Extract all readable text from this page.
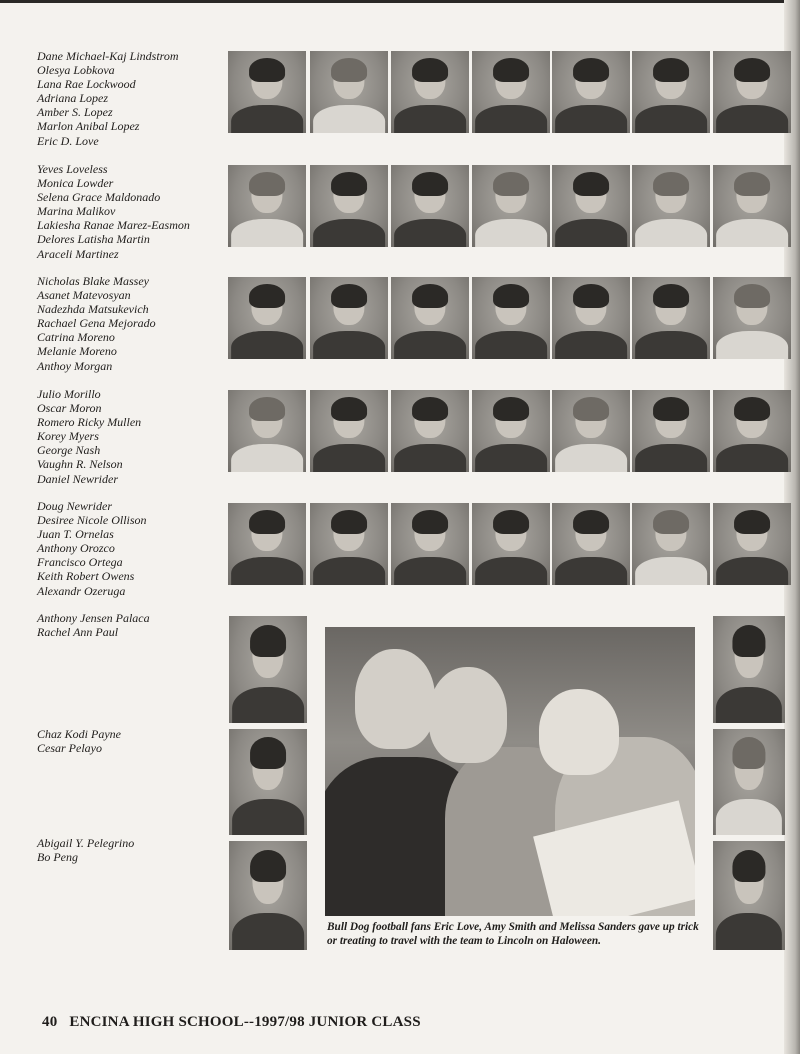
Dane Michael-Kaj Lindstrom
Olesya Lobkova
Lana Rae Lockwood
Adriana Lopez
Amber S. Lopez
Marlon Anibal Lopez
Eric D. Love
Yeves Loveless
Monica Lowder
Selena Grace Maldonado
Marina Malikov
Lakiesha Ranae Marez-Easmon
Delores Latisha Martin
Araceli Martinez
Nicholas Blake Massey
Asanet Matevosyan
Nadezhda Matsukevich
Rachael Gena Mejorado
Catrina Moreno
Melanie Moreno
Anthoy Morgan
Julio Morillo
Oscar Moron
Romero Ricky Mullen
Korey Myers
George Nash
Vaughn R. Nelson
Daniel Newrider
Doug Newrider
Desiree Nicole Ollison
Juan T. Ornelas
Anthony Orozco
Francisco Ortega
Keith Robert Owens
Alexandr Ozeruga
Anthony Jensen Palaca
Rachel Ann Paul
Chaz Kodi Payne
Cesar Pelayo
Abigail Y. Pelegrino
Bo Peng
Bull Dog football fans Eric Love, Amy Smith and Melissa Sanders gave up trick or treating to travel with the team to Lincoln on Haloween.
40 ENCINA HIGH SCHOOL--1997/98 JUNIOR CLASS
